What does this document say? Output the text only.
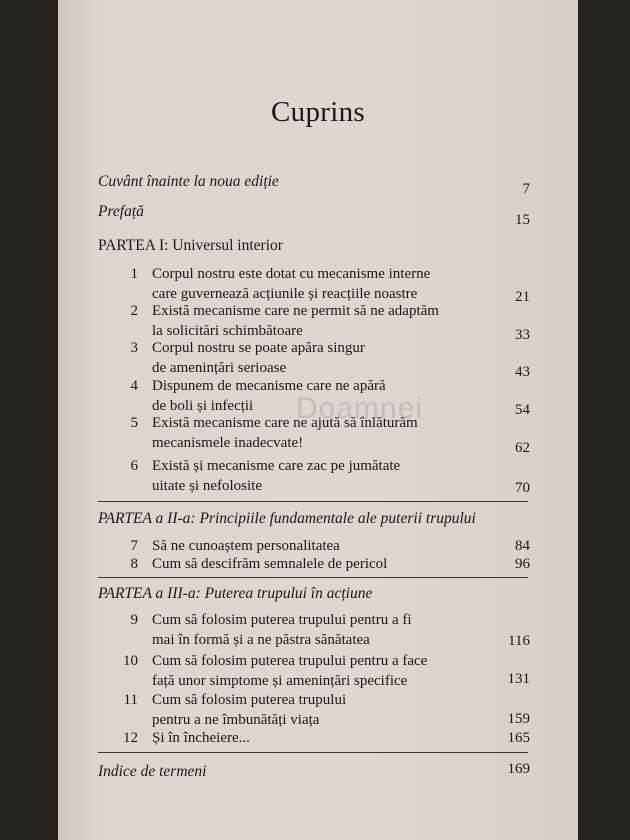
Cuprins
Cuvânt înainte la noua ediție	7
Prefață	15
PARTEA I: Universul interior
1 Corpul nostru este dotat cu mecanisme interne
care guvernează acțiunile și reacțiile noastre	21
2 Există mecanisme care ne permit să ne adaptăm
la solicitări schimbătoare	33
3 Corpul nostru se poate apăra singur
de amenințări serioase	43
4 Dispunem de mecanisme care ne apără
de boli și infecții	54
5 Există mecanisme care ne ajută să înlăturăm
mecanismele inadecvate!	62
6 Există și mecanisme care zac pe jumătate
uitate și nefolosite	70
PARTEA a II-a: Principiile fundamentale ale puterii trupului
7 Să ne cunoaștem personalitatea	84
8 Cum să descifrăm semnalele de pericol	96
PARTEA a III-a: Puterea trupului în acțiune
9 Cum să folosim puterea trupului pentru a fi
mai în formă și a ne păstra sănătatea	116
10 Cum să folosim puterea trupului pentru a face
față unor simptome și amenințări specifice	131
11 Cum să folosim puterea trupului
pentru a ne îmbunătăți viața	159
12 Și în încheiere...	165
Indice de termeni	169
Doamnei
